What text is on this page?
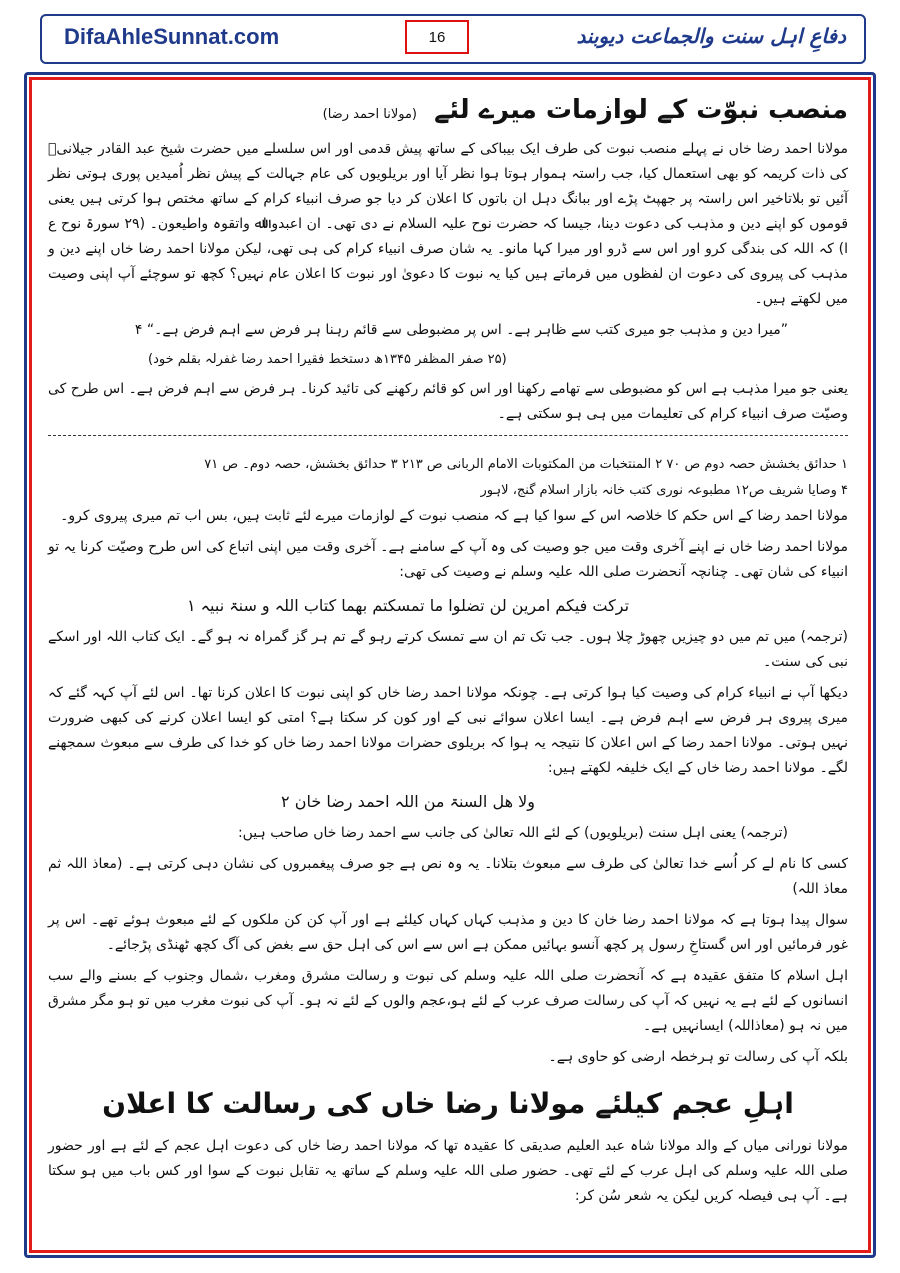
DifaAhleSunnat.com	16	دفاعِ اہل سنت والجماعت دیوبند
منصب نبوّت کے لوازمات میرے لئے (مولانا احمد رضا)

مولانا احمد رضا خاں نے پہلے منصب نبوت کی طرف ایک بیباکی کے ساتھ پیش قدمی اور اس سلسلے میں حضرت شیخ عبد القادر جیلانیؒ کی ذات کریمہ کو بھی استعمال کیا، جب راستہ ہموار ہوتا ہوا نظر آیا اور بریلویوں کی عام جہالت کے پیش نظر اُمیدیں پوری ہوتی نظر آئیں تو بلاتاخیر اس راستہ پر جھپٹ پڑے اور ببانگ دہل ان باتوں کا اعلان کر دیا جو صرف انبیاء کرام کے ساتھ مختص ہوا کرتی ہیں یعنی قوموں کو اپنے دین و مذہب کی دعوت دینا، جیسا کہ حضرت نوح علیہ السلام نے دی تھی۔ ان اعبدو اﷲ واتقوہ واطیعون۔ (۲۹ سورۃ نوح ع ا) کہ اللہ کی بندگی کرو اور اس سے ڈرو اور میرا کہا مانو۔ یہ شان صرف انبیاء کرام کی ہی تھی، لیکن مولانا احمد رضا خاں اپنے دین و مذہب کی پیروی کی دعوت ان لفظوں میں فرماتے ہیں کیا یہ نبوت کا دعویٰ اور نبوت کا اعلان عام نہیں؟ کچھ تو سوچئے آپ اپنی وصیت میں لکھتے ہیں۔

”میرا دین و مذہب جو میری کتب سے ظاہر ہے۔ اس پر مضبوطی سے قائم رہنا ہر فرض سے اہم فرض ہے۔“ ۴

(۲۵ صفر المظفر ۱۳۴۵ھ دستخط فقیرا احمد رضا غفرلہ بقلم خود)

یعنی جو میرا مذہب ہے اس کو مضبوطی سے تھامے رکھنا اور اس کو قائم رکھنے کی تائید کرنا۔ ہر فرض سے اہم فرض ہے۔ اس طرح کی وصیّت صرف انبیاء کرام کی تعلیمات میں ہی ہو سکتی ہے۔

۱ حدائق بخشش حصہ دوم ص ۷۰ ۲ المنتخبات من المکتوبات الامام الربانی ص ۲۱۳ ۳ حدائق بخشش، حصہ دوم۔ ص ۷۱

۴ وصایا شریف ص۱۲ مطبوعہ نوری کتب خانہ بازار اسلام گنج، لاہور

مولانا احمد رضا کے اس حکم کا خلاصہ اس کے سوا کیا ہے کہ منصب نبوت کے لوازمات میرے لئے ثابت ہیں، بس اب تم میری پیروی کرو۔

مولانا احمد رضا خاں نے اپنے آخری وقت میں جو وصیت کی وہ آپ کے سامنے ہے۔ آخری وقت میں اپنی اتباع کی اس طرح وصیّت کرنا یہ تو انبیاء کی شان تھی۔ چنانچہ آنحضرت صلی اللہ علیہ وسلم نے وصیت کی تھی:

ترکت فیکم امرین لن تضلوا ما تمسکتم بھما کتاب اللہ و سنۃ نبیہ ۱

(ترجمہ) میں تم میں دو چیزیں چھوڑ چلا ہوں۔ جب تک تم ان سے تمسک کرتے رہو گے تم ہر گز گمراہ نہ ہو گے۔ ایک کتاب اللہ اور اسکے نبی کی سنت۔

دیکھا آپ نے انبیاء کرام کی وصیت کیا ہوا کرتی ہے۔ چونکہ مولانا احمد رضا خاں کو اپنی نبوت کا اعلان کرنا تھا۔ اس لئے آپ کہہ گئے کہ میری پیروی ہر فرض سے اہم فرض ہے۔ ایسا اعلان سوائے نبی کے اور کون کر سکتا ہے؟ امتی کو ایسا اعلان کرنے کی کبھی ضرورت نہیں ہوتی۔ مولانا احمد رضا کے اس اعلان کا نتیجہ یہ ہوا کہ بریلوی حضرات مولانا احمد رضا خاں کو خدا کی طرف سے مبعوث سمجھنے لگے۔ مولانا احمد رضا خاں کے ایک خلیفہ لکھتے ہیں:

ولا ھل السنۃ من اللہ احمد رضا خان ۲

(ترجمہ) یعنی اہل سنت (بریلویوں) کے لئے اللہ تعالیٰ کی جانب سے احمد رضا خاں صاحب ہیں:

کسی کا نام لے کر اُسے خدا تعالیٰ کی طرف سے مبعوث بتلانا۔ یہ وہ نص ہے جو صرف پیغمبروں کی نشان دہی کرتی ہے۔ (معاذ اللہ ثم معاذ اللہ)

سوال پیدا ہوتا ہے کہ مولانا احمد رضا خان کا دین و مذہب کہاں کہاں کیلئے ہے اور آپ کن کن ملکوں کے لئے مبعوث ہوئے تھے۔ اس پر غور فرمائیں اور اس گستاخِ رسول پر کچھ آنسو بہائیں ممکن ہے اس سے اس کی اہل حق سے بغض کی آگ کچھ ٹھنڈی پڑجائے۔

اہل اسلام کا متفق عقیدہ ہے کہ آنحضرت صلی اللہ علیہ وسلم کی نبوت و رسالت مشرق ومغرب ،شمال وجنوب کے بسنے والے سب انسانوں کے لئے ہے یہ نہیں کہ آپ کی رسالت صرف عرب کے لئے ہو،عجم والوں کے لئے نہ ہو۔ آپ کی نبوت مغرب میں تو ہو مگر مشرق میں نہ ہو (معاذاللہ) ایسانہیں ہے۔

بلکہ آپ کی رسالت تو ہرخطہ ارضی کو حاوی ہے۔

اہلِ عجم کیلئے مولانا رضا خاں کی رسالت کا اعلان

مولانا نورانی میاں کے والد مولانا شاہ عبد العلیم صدیقی کا عقیدہ تھا کہ مولانا احمد رضا خاں کی دعوت اہل عجم کے لئے ہے اور حضور صلی اللہ علیہ وسلم کی اہل عرب کے لئے تھی۔ حضور صلی اللہ علیہ وسلم کے ساتھ یہ تقابل نبوت کے سوا اور کس باب میں ہو سکتا ہے۔ آپ ہی فیصلہ کریں لیکن یہ شعر سُن کر:
